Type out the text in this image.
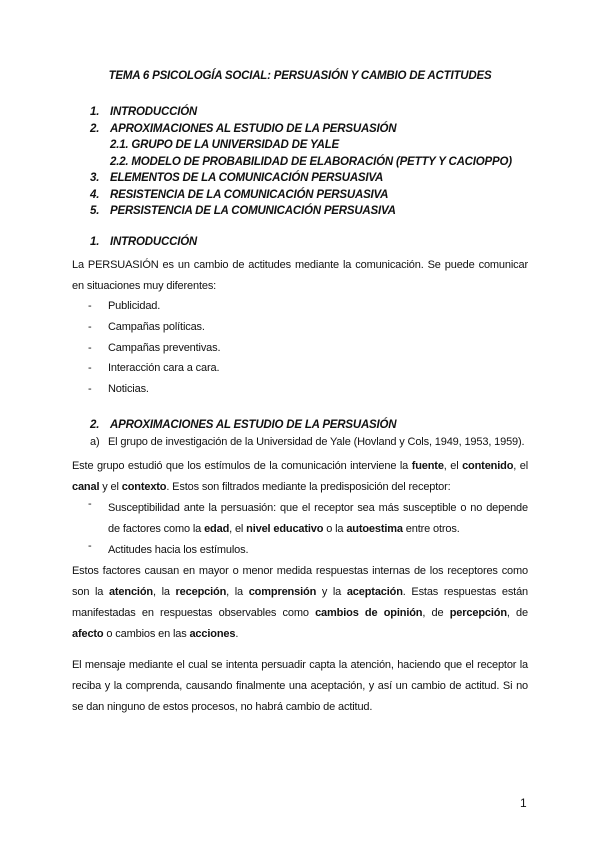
TEMA 6 PSICOLOGÍA SOCIAL: PERSUASIÓN Y CAMBIO DE ACTITUDES
1. INTRODUCCIÓN
2. APROXIMACIONES AL ESTUDIO DE LA PERSUASIÓN
2.1. GRUPO DE LA UNIVERSIDAD DE YALE
2.2. MODELO DE PROBABILIDAD DE ELABORACIÓN (PETTY Y CACIOPPO)
3. ELEMENTOS DE LA COMUNICACIÓN PERSUASIVA
4. RESISTENCIA DE LA COMUNICACIÓN PERSUASIVA
5. PERSISTENCIA DE LA COMUNICACIÓN PERSUASIVA
1. INTRODUCCIÓN
La PERSUASIÓN es un cambio de actitudes mediante la comunicación. Se puede comunicar en situaciones muy diferentes:
- Publicidad.
- Campañas políticas.
- Campañas preventivas.
- Interacción cara a cara.
- Noticias.
2. APROXIMACIONES AL ESTUDIO DE LA PERSUASIÓN
a) El grupo de investigación de la Universidad de Yale (Hovland y Cols, 1949, 1953, 1959).
Este grupo estudió que los estímulos de la comunicación interviene la fuente, el contenido, el canal y el contexto. Estos son filtrados mediante la predisposición del receptor:
- Susceptibilidad ante la persuasión: que el receptor sea más susceptible o no depende de factores como la edad, el nivel educativo o la autoestima entre otros.
- Actitudes hacia los estímulos.
Estos factores causan en mayor o menor medida respuestas internas de los receptores como son la atención, la recepción, la comprensión y la aceptación. Estas respuestas están manifestadas en respuestas observables como cambios de opinión, de percepción, de afecto o cambios en las acciones.
El mensaje mediante el cual se intenta persuadir capta la atención, haciendo que el receptor la reciba y la comprenda, causando finalmente una aceptación, y así un cambio de actitud. Si no se dan ninguno de estos procesos, no habrá cambio de actitud.
1
